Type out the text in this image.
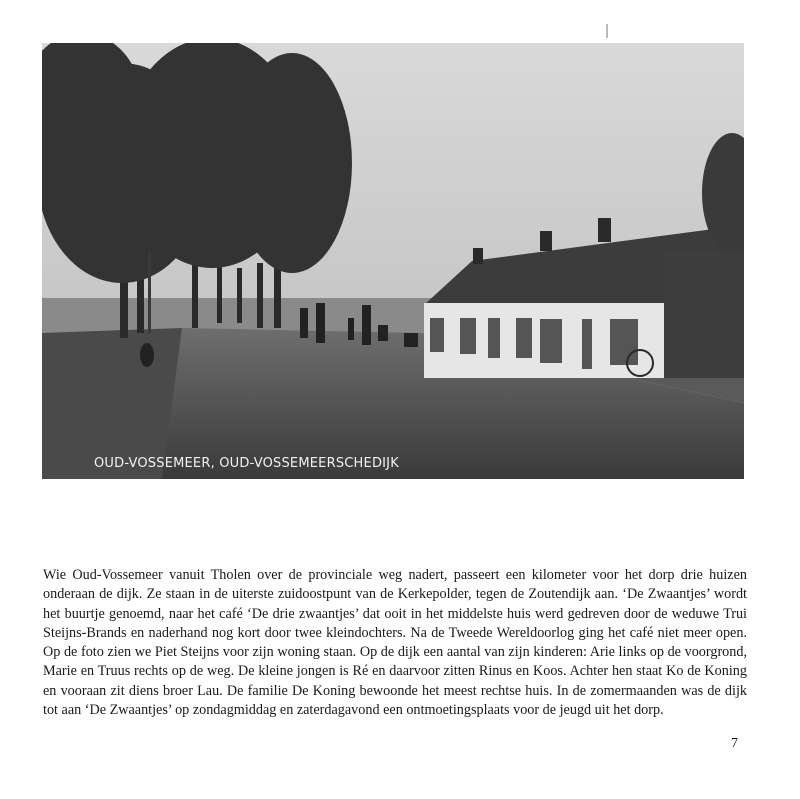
OUD-VOSSEMEER, OUD-VOSSEMEERSCHEDIJK

Wie Oud-Vossemeer vanuit Tholen over de provinciale weg nadert, passeert een kilometer voor het dorp drie huizen onderaan de dijk. Ze staan in de uiterste zuidoostpunt van de Kerkepolder, tegen de Zoutendijk aan. ‘De Zwaantjes’ wordt het buurtje genoemd, naar het café ‘De drie zwaantjes’ dat ooit in het middelste huis werd gedreven door de weduwe Trui Steijns-Brands en naderhand nog kort door twee kleindochters. Na de Tweede Wereldoorlog ging het café niet meer open. Op de foto zien we Piet Steijns voor zijn woning staan. Op de dijk een aantal van zijn kinderen: Arie links op de voorgrond, Marie en Truus rechts op de weg. De kleine jongen is Ré en daarvoor zitten Rinus en Koos. Achter hen staat Ko de Koning en vooraan zit diens broer Lau. De familie De Koning bewoonde het meest rechtse huis. In de zomermaanden was de dijk tot aan ‘De Zwaantjes’ op zondagmiddag en zaterdagavond een ontmoetingsplaats voor de jeugd uit het dorp.

7
